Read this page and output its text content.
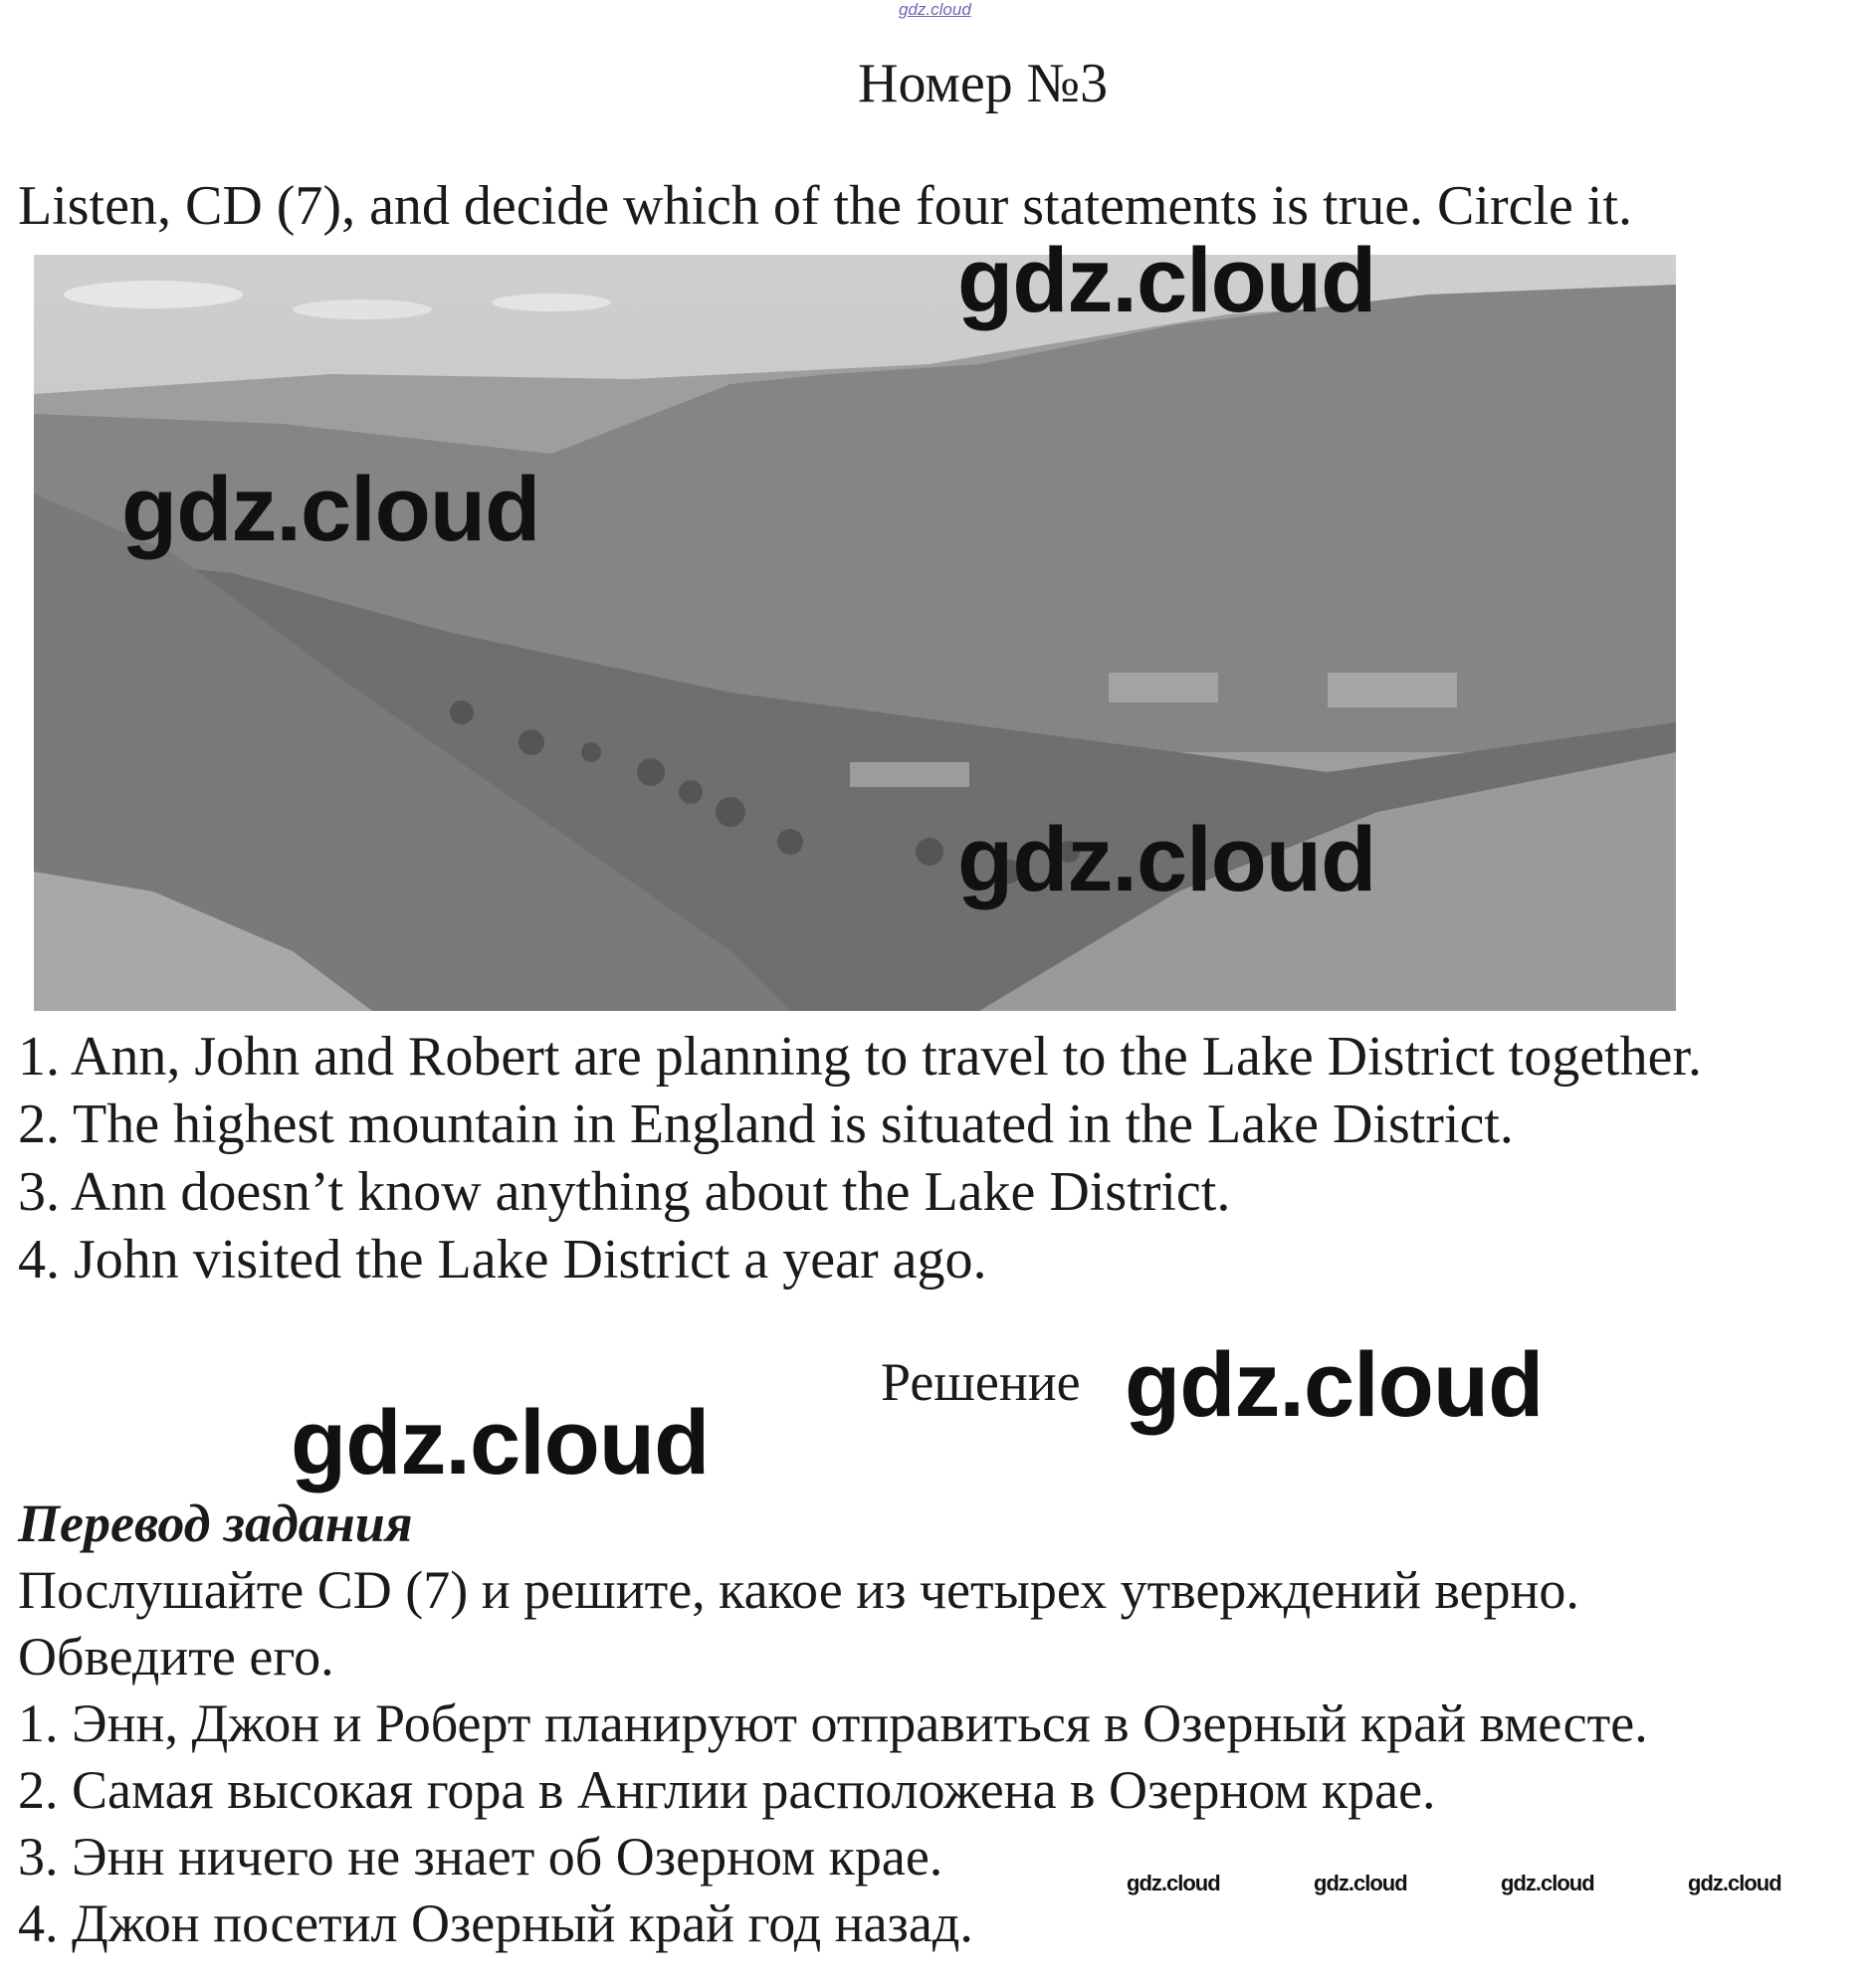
gdz.cloud
Номер №3
Listen, CD (7), and decide which of the four statements is true. Circle it.
1. Ann, John and Robert are planning to travel to the Lake District together.
2. The highest mountain in England is situated in the Lake District.
3. Ann doesn’t know anything about the Lake District.
4. John visited the Lake District a year ago.
Решение
Перевод задания
Послушайте CD (7) и решите, какое из четырех утверждений верно.
Обведите его.
1. Энн, Джон и Роберт планируют отправиться в Озерный край вместе.
2. Самая высокая гора в Англии расположена в Озерном крае.
3. Энн ничего не знает об Озерном крае.
4. Джон посетил Озерный край год назад.
gdz.cloud
gdz.cloud
gdz.cloud
gdz.cloud
gdz.cloud
gdz.cloud	gdz.cloud	gdz.cloud	gdz.cloud
